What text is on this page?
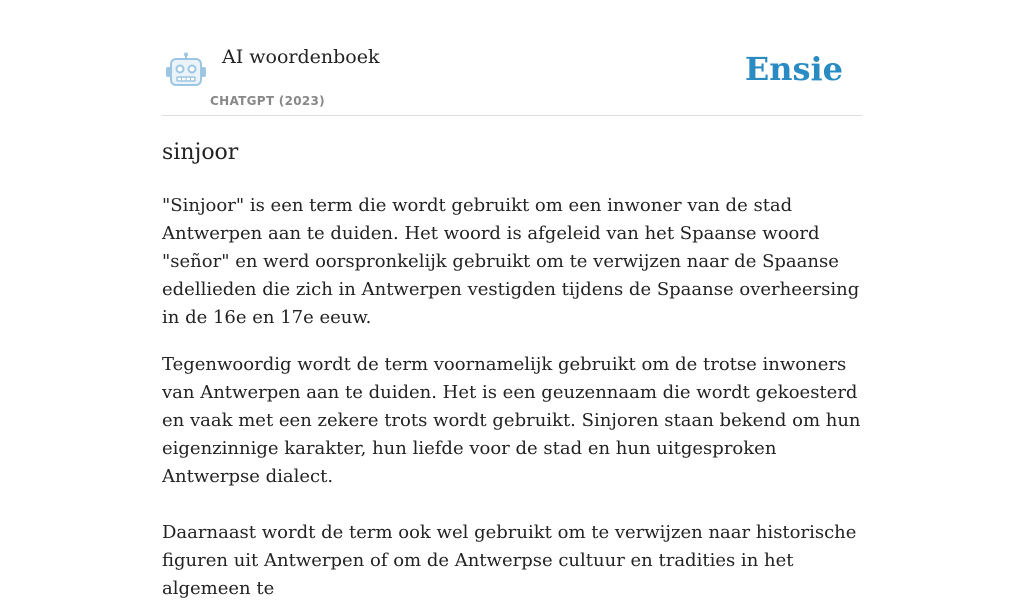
AI woordenboek
CHATGPT (2023)
Ensie
sinjoor

"Sinjoor" is een term die wordt gebruikt om een inwoner van de stad Antwerpen aan te duiden. Het woord is afgeleid van het Spaanse woord "señor" en werd oorspronkelijk gebruikt om te verwijzen naar de Spaanse edellieden die zich in Antwerpen vestigden tijdens de Spaanse overheersing in de 16e en 17e eeuw.

Tegenwoordig wordt de term voornamelijk gebruikt om de trotse inwoners van Antwerpen aan te duiden. Het is een geuzennaam die wordt gekoesterd en vaak met een zekere trots wordt gebruikt. Sinjoren staan bekend om hun eigenzinnige karakter, hun liefde voor de stad en hun uitgesproken Antwerpse dialect.

Daarnaast wordt de term ook wel gebruikt om te verwijzen naar historische figuren uit Antwerpen of om de Antwerpse cultuur en tradities in het algemeen te
